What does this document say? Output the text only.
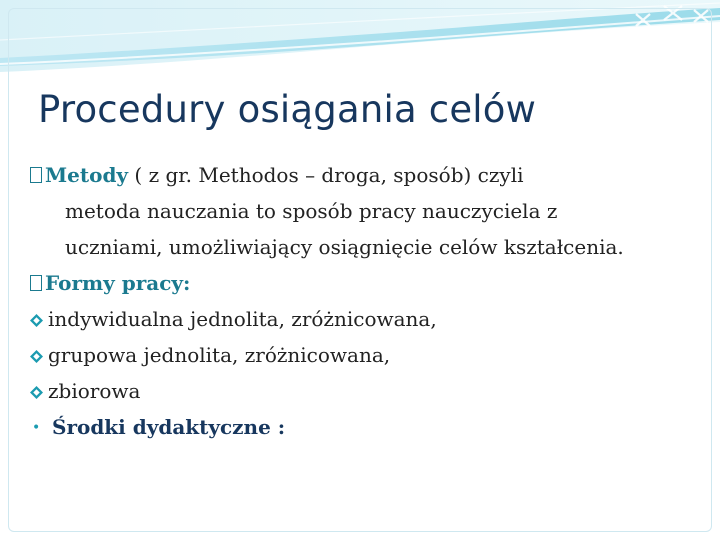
Procedury osiągania celów
Metody ( z gr. Methodos – droga, sposób) czyli
metoda nauczania to sposób pracy nauczyciela z
uczniami, umożliwiający osiągnięcie celów kształcenia.
Formy pracy:
indywidualna jednolita, zróżnicowana,
grupowa jednolita, zróżnicowana,
zbiorowa
• Środki dydaktyczne :
